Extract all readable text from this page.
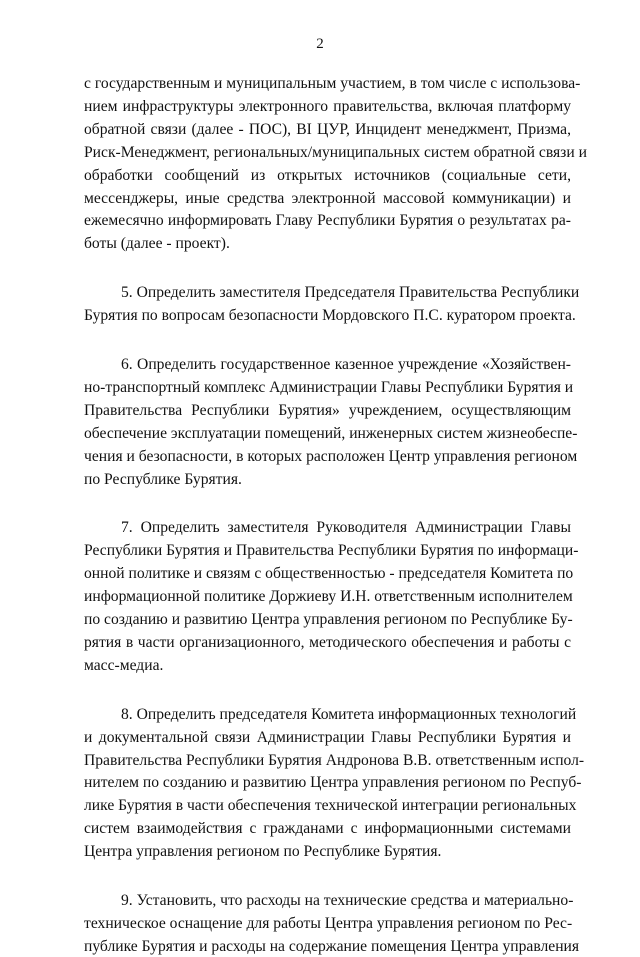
2
с государственным и муниципальным участием, в том числе с использова-
нием инфраструктуры электронного правительства, включая платформу
обратной связи (далее - ПОС), BI ЦУР, Инцидент менеджмент, Призма,
Риск-Менеджмент, региональных/муниципальных систем обратной связи и
обработки сообщений из открытых источников (социальные сети,
мессенджеры, иные средства электронной массовой коммуникации) и
ежемесячно информировать Главу Республики Бурятия о результатах ра-
боты (далее - проект).
5. Определить заместителя Председателя Правительства Республики
Бурятия по вопросам безопасности Мордовского П.С. куратором проекта.
6. Определить государственное казенное учреждение «Хозяйствен-
но-транспортный комплекс Администрации Главы Республики Бурятия и
Правительства Республики Бурятия» учреждением, осуществляющим
обеспечение эксплуатации помещений, инженерных систем жизнеобеспе-
чения и безопасности, в которых расположен Центр управления регионом
по Республике Бурятия.
7. Определить заместителя Руководителя Администрации Главы
Республики Бурятия и Правительства Республики Бурятия по информаци-
онной политике и связям с общественностью - председателя Комитета по
информационной политике Доржиеву И.Н. ответственным исполнителем
по созданию и развитию Центра управления регионом по Республике Бу-
рятия в части организационного, методического обеспечения и работы с
масс-медиа.
8. Определить председателя Комитета информационных технологий
и документальной связи Администрации Главы Республики Бурятия и
Правительства Республики Бурятия Андронова В.В. ответственным испол-
нителем по созданию и развитию Центра управления регионом по Респуб-
лике Бурятия в части обеспечения технической интеграции региональных
систем взаимодействия с гражданами с информационными системами
Центра управления регионом по Республике Бурятия.
9. Установить, что расходы на технические средства и материально-
техническое оснащение для работы Центра управления регионом по Рес-
публике Бурятия и расходы на содержание помещения Центра управления
